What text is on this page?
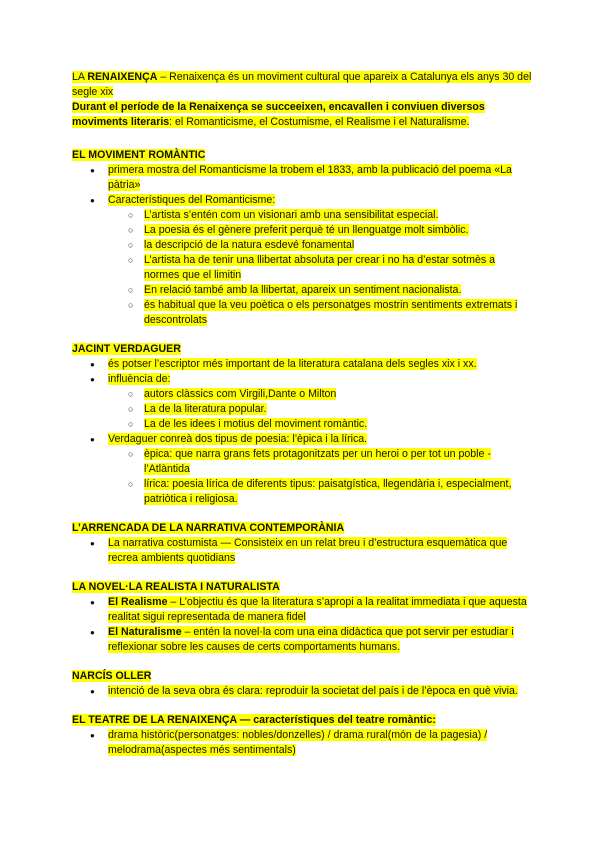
LA RENAIXENÇA – Renaixença és un moviment cultural que apareix a Catalunya els anys 30 del segle xix

Durant el període de la Renaixença se succeeixen, encavallen i conviuen diversos moviments literaris: el Romanticisme, el Costumisme, el Realisme i el Naturalisme.

EL MOVIMENT ROMÀNTIC
● primera mostra del Romanticisme la trobem el 1833, amb la publicació del poema «La pàtria»
● Característiques del Romanticisme:
○ L’artista s’entén com un visionari amb una sensibilitat especial.
○ La poesia és el gènere preferit perquè té un llenguatge molt simbòlic.
○ la descripció de la natura esdevé fonamental
○ L’artista ha de tenir una llibertat absoluta per crear i no ha d’estar sotmès a normes que el limitin
○ En relació també amb la llibertat, apareix un sentiment nacionalista.
○ és habitual que la veu poètica o els personatges mostrin sentiments extremats i descontrolats
JACINT VERDAGUER
● és potser l’escriptor més important de la literatura catalana dels segles xix i xx.
● influència de:
○ autors clàssics com Virgili,Dante o Milton
○ La de la literatura popular.
○ La de les idees i motius del moviment romàntic.
● Verdaguer conreà dos tipus de poesia: l’èpica i la lírica.
○ èpica: que narra grans fets protagonitzats per un heroi o per tot un poble - l’Atlàntida
○ lírica: poesia lírica de diferents tipus: paisatgística, llegendària i, especialment, patriòtica i religiosa.
L’ARRENCADA DE LA NARRATIVA CONTEMPORÀNIA
● La narrativa costumista — Consisteix en un relat breu i d’estructura esquemàtica que recrea ambients quotidians
LA NOVEL·LA REALISTA I NATURALISTA
● El Realisme – L’objectiu és que la literatura s’apropi a la realitat immediata i que aquesta realitat sigui representada de manera fidel
● El Naturalisme – entén la novel·la com una eina didàctica que pot servir per estudiar i reflexionar sobre les causes de certs comportaments humans.
NARCÍS OLLER
● intenció de la seva obra és clara: reproduir la societat del país i de l’època en què vivia.
EL TEATRE DE LA RENAIXENÇA — característiques del teatre romàntic:
● drama històric(personatges: nobles/donzelles) / drama rural(món de la pagesia) / melodrama(aspectes més sentimentals)
